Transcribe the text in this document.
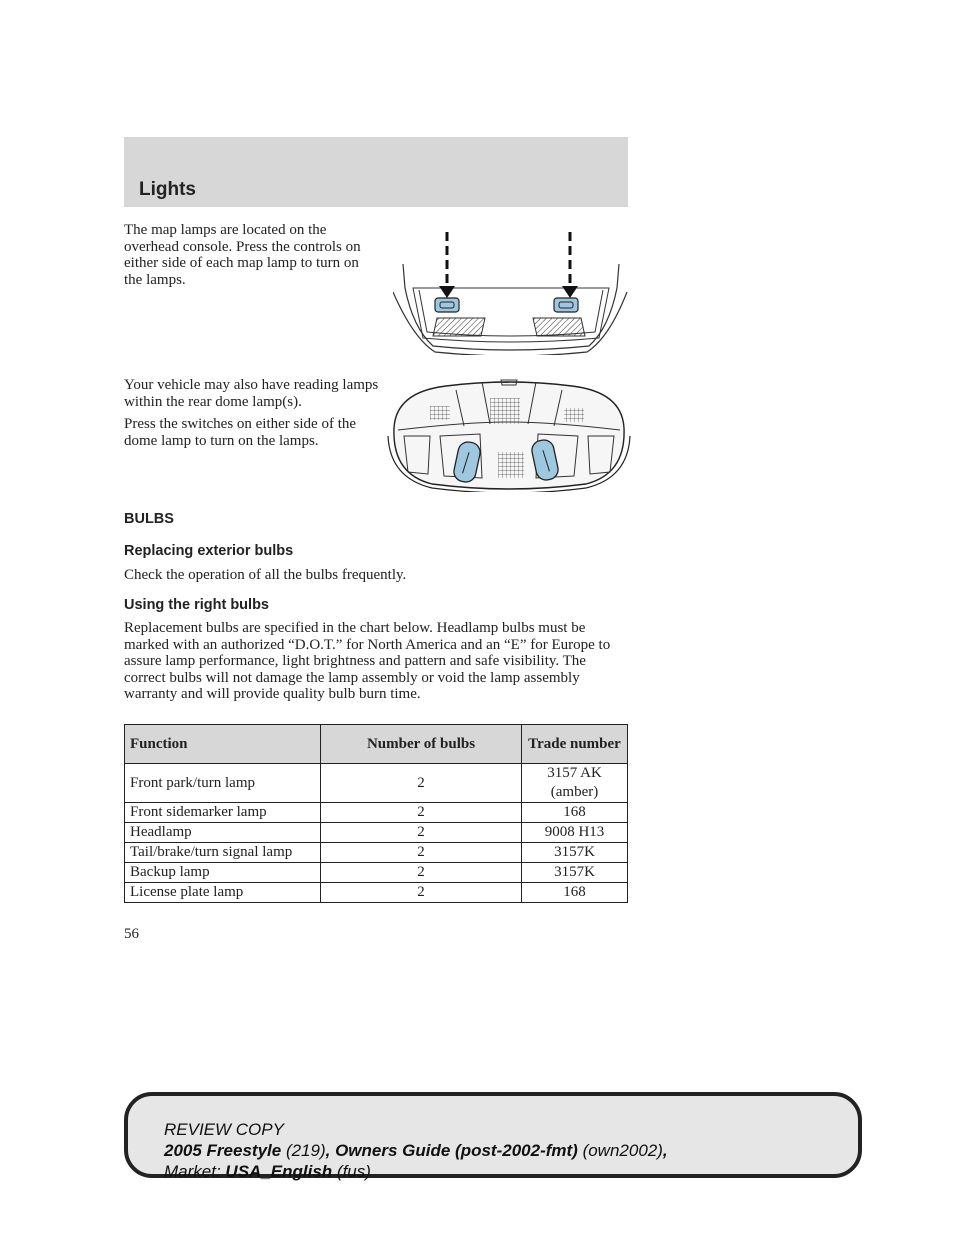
Lights
The map lamps are located on the overhead console. Press the controls on either side of each map lamp to turn on the lamps.
Your vehicle may also have reading lamps within the rear dome lamp(s).
Press the switches on either side of the dome lamp to turn on the lamps.
BULBS
Replacing exterior bulbs
Check the operation of all the bulbs frequently.
Using the right bulbs
Replacement bulbs are specified in the chart below. Headlamp bulbs must be marked with an authorized “D.O.T.” for North America and an “E” for Europe to assure lamp performance, light brightness and pattern and safe visibility. The correct bulbs will not damage the lamp assembly or void the lamp assembly warranty and will provide quality bulb burn time.
Function	Number of bulbs	Trade number
Front park/turn lamp	2	3157 AK (amber)
Front sidemarker lamp	2	168
Headlamp	2	9008 H13
Tail/brake/turn signal lamp	2	3157K
Backup lamp	2	3157K
License plate lamp	2	168
56
REVIEW COPY
2005 Freestyle (219), Owners Guide (post-2002-fmt) (own2002),
Market: USA_English (fus)
